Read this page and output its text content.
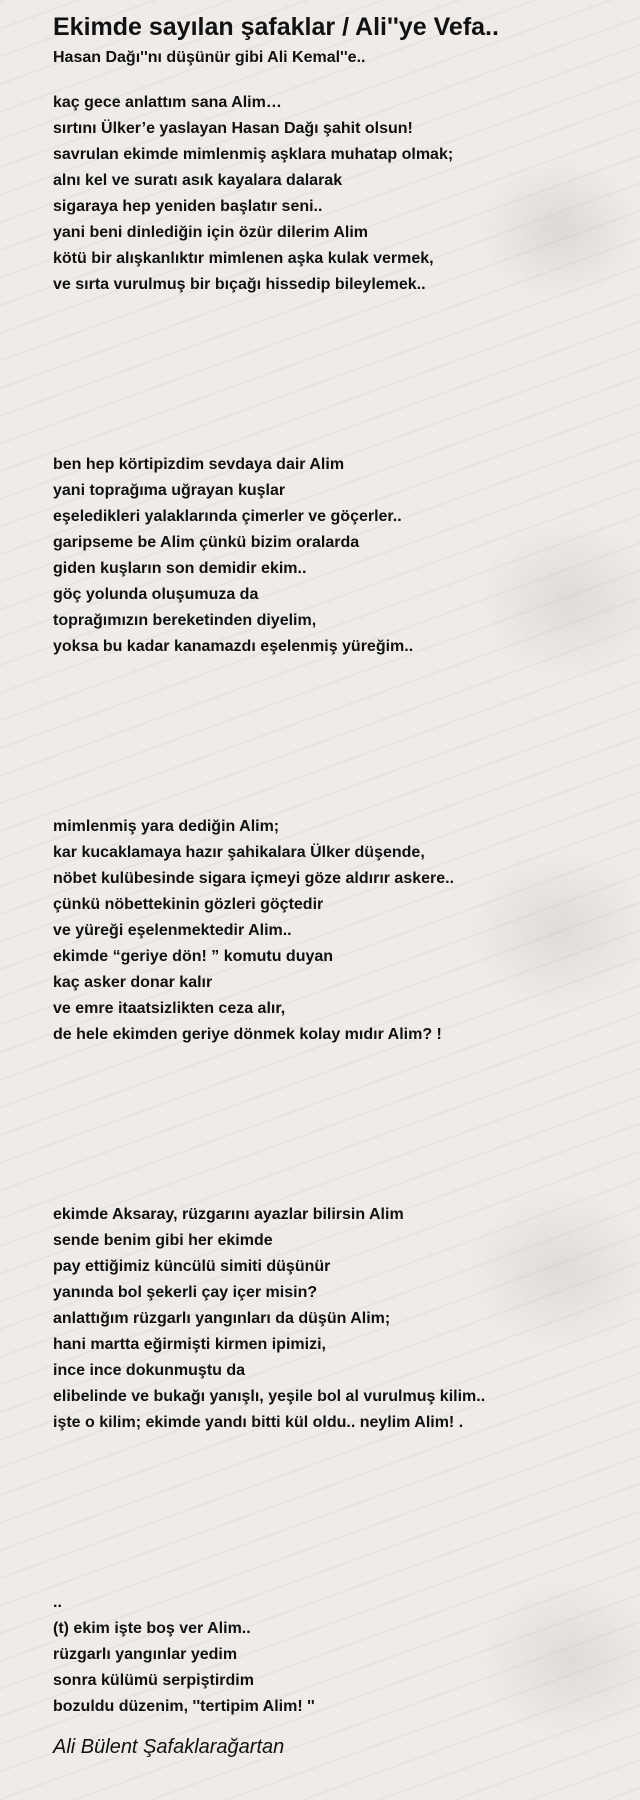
Ekimde sayılan şafaklar / Ali''ye Vefa..
Hasan Dağı''nı düşünür gibi Ali Kemal''e..
kaç gece anlattım sana Alim…
sırtını Ülker’e yaslayan Hasan Dağı şahit olsun!
savrulan ekimde mimlenmiş aşklara muhatap olmak;
alnı kel ve suratı asık kayalara dalarak
sigaraya hep yeniden başlatır seni..
yani beni dinlediğin için özür dilerim Alim
kötü bir alışkanlıktır mimlenen aşka kulak vermek,
ve sırta vurulmuş bir bıçağı hissedip bileylemek..
ben hep körtipizdim sevdaya dair Alim
yani toprağıma uğrayan kuşlar
eşeledikleri yalaklarında çimerler ve göçerler..
garipseme be Alim çünkü bizim oralarda
giden kuşların son demidir ekim..
göç yolunda oluşumuza da
toprağımızın bereketinden diyelim,
yoksa bu kadar kanamazdı eşelenmiş yüreğim..
mimlenmiş yara dediğin Alim;
kar kucaklamaya hazır şahikalara Ülker düşende,
nöbet kulübesinde sigara içmeyi göze aldırır askere..
çünkü nöbettekinin gözleri göçtedir
ve yüreği eşelenmektedir Alim..
ekimde “geriye dön! ” komutu duyan
kaç asker donar kalır
ve emre itaatsizlikten ceza alır,
de hele ekimden geriye dönmek kolay mıdır Alim? !
ekimde Aksaray, rüzgarını ayazlar bilirsin Alim
sende benim gibi her ekimde
pay ettiğimiz küncülü simiti düşünür
yanında bol şekerli çay içer misin?
anlattığım rüzgarlı yangınları da düşün Alim;
hani martta eğirmişti kirmen ipimizi,
ince ince dokunmuştu da
elibelinde ve bukağı yanışlı, yeşile bol al vurulmuş kilim..
işte o kilim; ekimde yandı bitti kül oldu.. neylim Alim! .
..
(t) ekim işte boş ver Alim..
rüzgarlı yangınlar yedim
sonra külümü serpiştirdim
bozuldu düzenim, ''tertipim Alim! ''
Ali Bülent Şafaklarağartan
